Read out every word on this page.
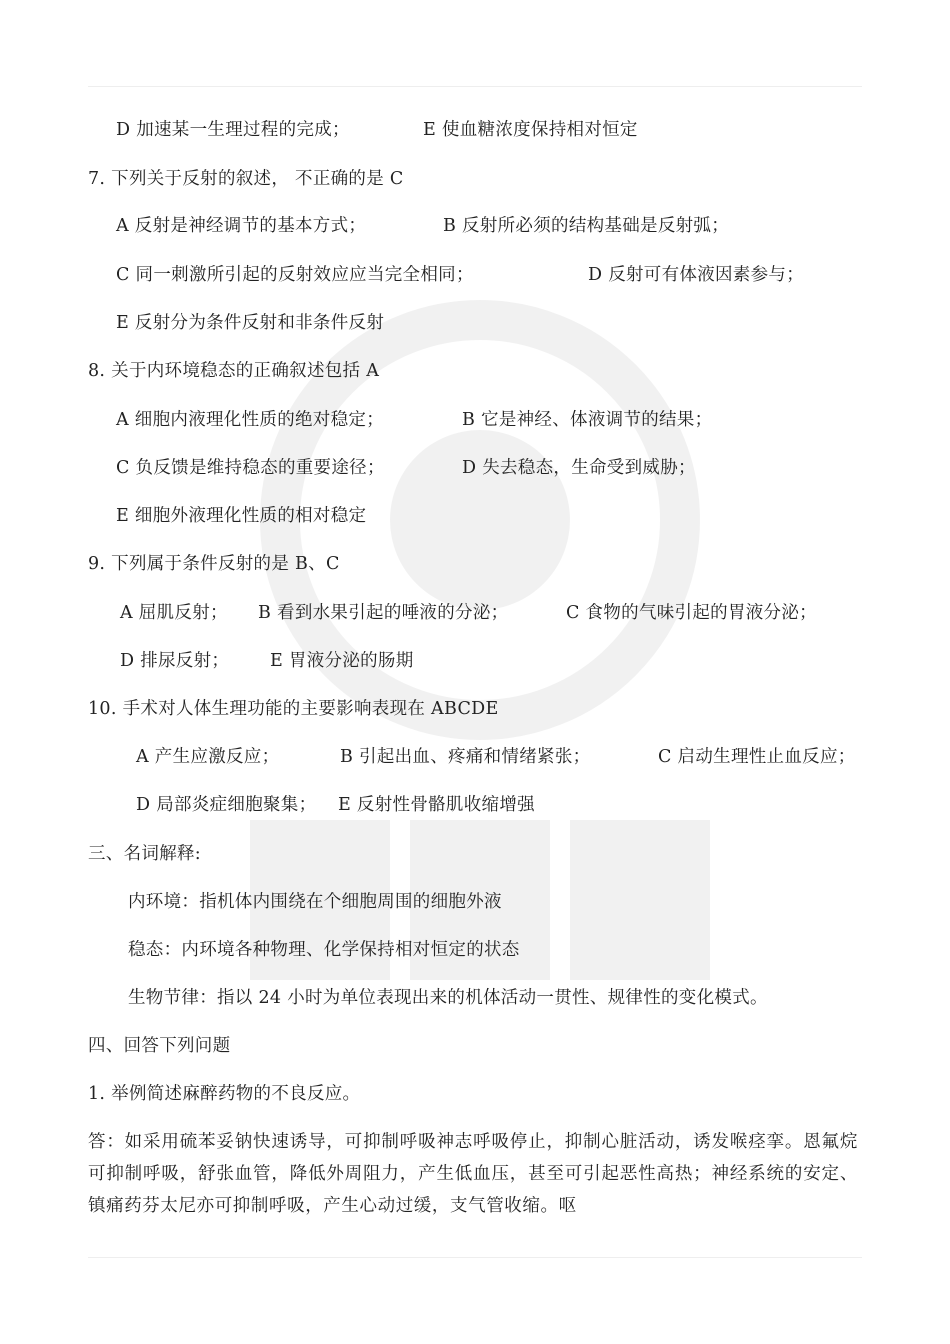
D 加速某一生理过程的完成；	E 使血糖浓度保持相对恒定
7. 下列关于反射的叙述， 不正确的是 C
A 反射是神经调节的基本方式；	B 反射所必须的结构基础是反射弧；
C 同一刺激所引起的反射效应应当完全相同；	D 反射可有体液因素参与；
E 反射分为条件反射和非条件反射
8. 关于内环境稳态的正确叙述包括 A
A 细胞内液理化性质的绝对稳定；	B 它是神经、体液调节的结果；
C 负反馈是维持稳态的重要途径；	D 失去稳态，生命受到威胁；
E 细胞外液理化性质的相对稳定
9. 下列属于条件反射的是 B、C
A 屈肌反射； B 看到水果引起的唾液的分泌；	C 食物的气味引起的胃液分泌；
D 排尿反射； E 胃液分泌的肠期
10. 手术对人体生理功能的主要影响表现在 ABCDE
A 产生应激反应；	B 引起出血、疼痛和情绪紧张；	C 启动生理性止血反应；
D 局部炎症细胞聚集； E 反射性骨骼肌收缩增强
三、名词解释:
内环境：指机体内围绕在个细胞周围的细胞外液
稳态：内环境各种物理、化学保持相对恒定的状态
生物节律：指以 24 小时为单位表现出来的机体活动一贯性、规律性的变化模式。
四、回答下列问题
1. 举例简述麻醉药物的不良反应。
答：如采用硫苯妥钠快速诱导，可抑制呼吸神志呼吸停止，抑制心脏活动，诱发喉痉挛。恩氟烷可抑制呼吸，舒张血管，降低外周阻力，产生低血压，甚至可引起恶性高热；神经系统的安定、镇痛药芬太尼亦可抑制呼吸，产生心动过缓，支气管收缩。呕
